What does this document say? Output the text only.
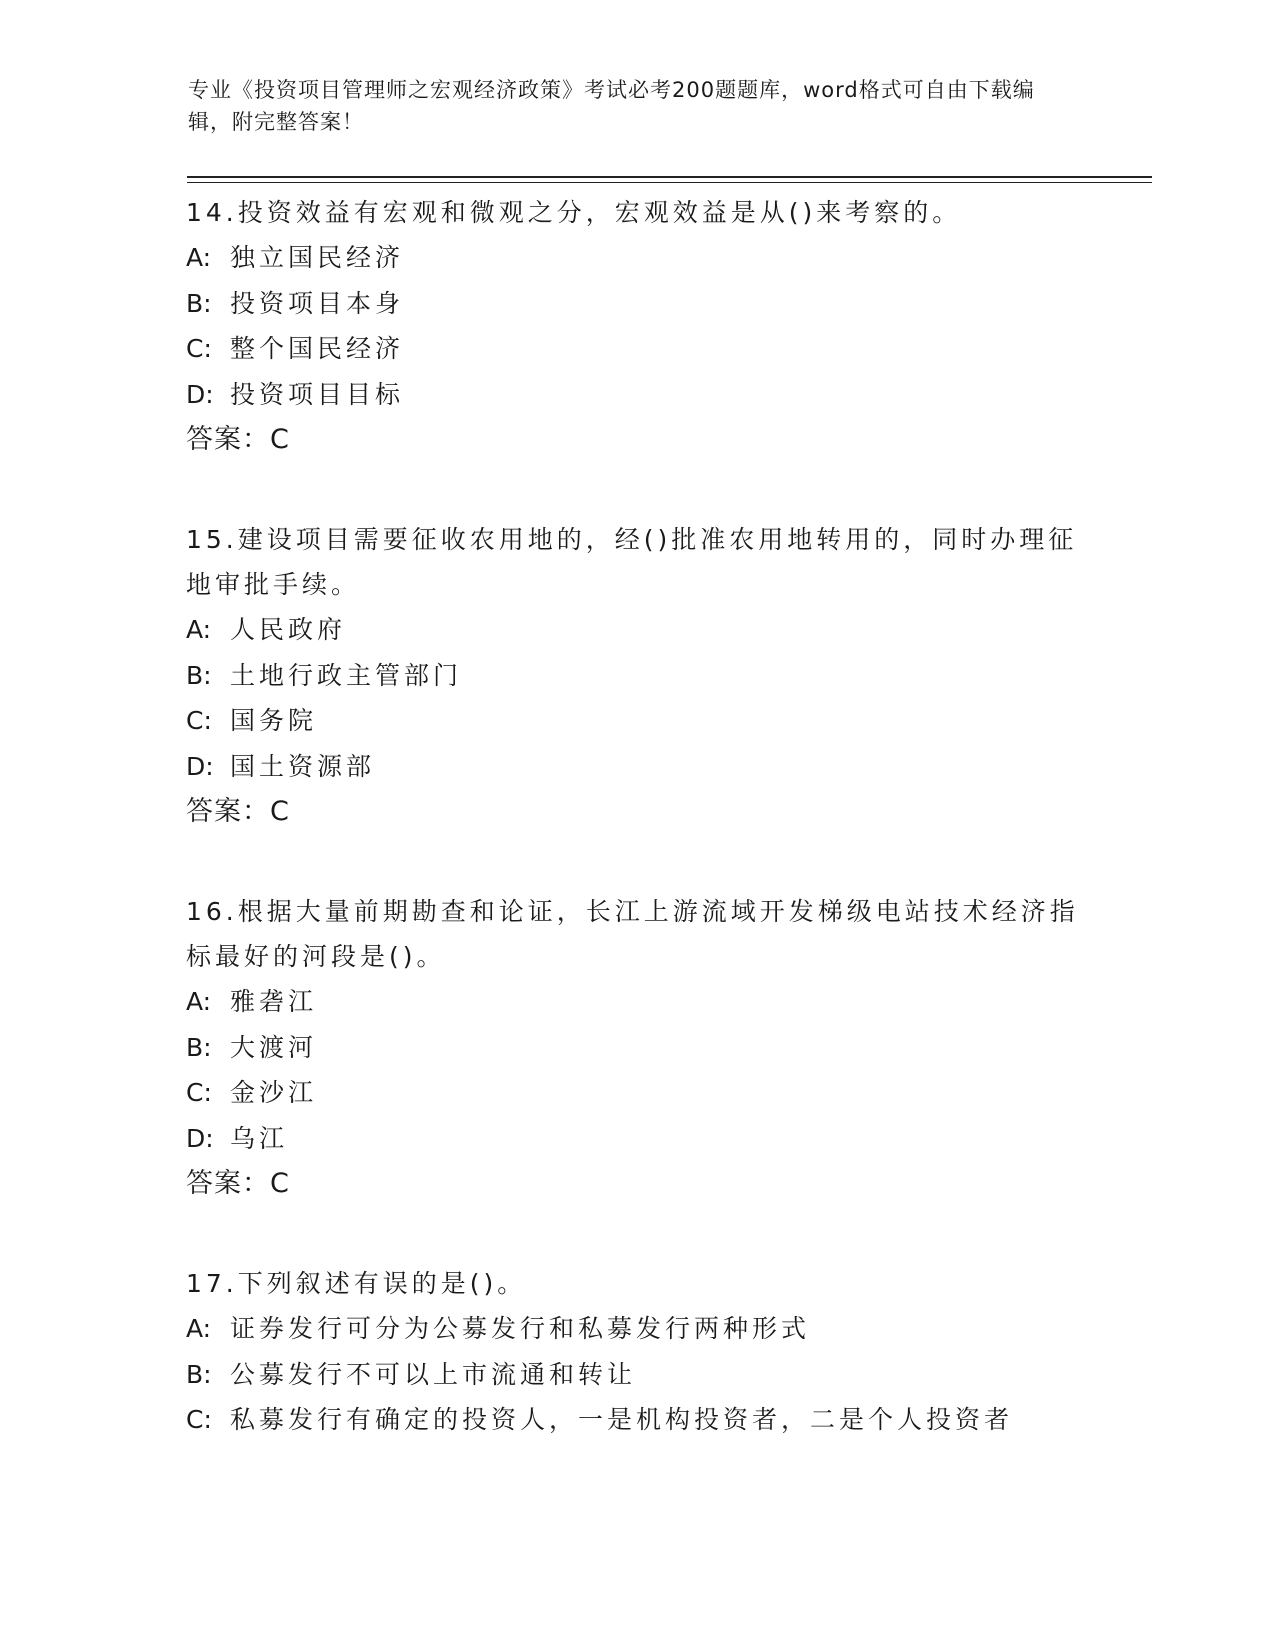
专业《投资项目管理师之宏观经济政策》考试必考200题题库，word格式可自由下载编辑，附完整答案！

14.投资效益有宏观和微观之分，宏观效益是从()来考察的。

A: 独立国民经济

B: 投资项目本身

C: 整个国民经济

D: 投资项目目标

答案：C

15.建设项目需要征收农用地的，经()批准农用地转用的，同时办理征地审批手续。

A: 人民政府

B: 土地行政主管部门

C: 国务院

D: 国土资源部

答案：C

16.根据大量前期勘查和论证，长江上游流域开发梯级电站技术经济指标最好的河段是()。

A: 雅砻江

B: 大渡河

C: 金沙江

D: 乌江

答案：C

17.下列叙述有误的是()。

A: 证券发行可分为公募发行和私募发行两种形式

B: 公募发行不可以上市流通和转让

C: 私募发行有确定的投资人，一是机构投资者，二是个人投资者
